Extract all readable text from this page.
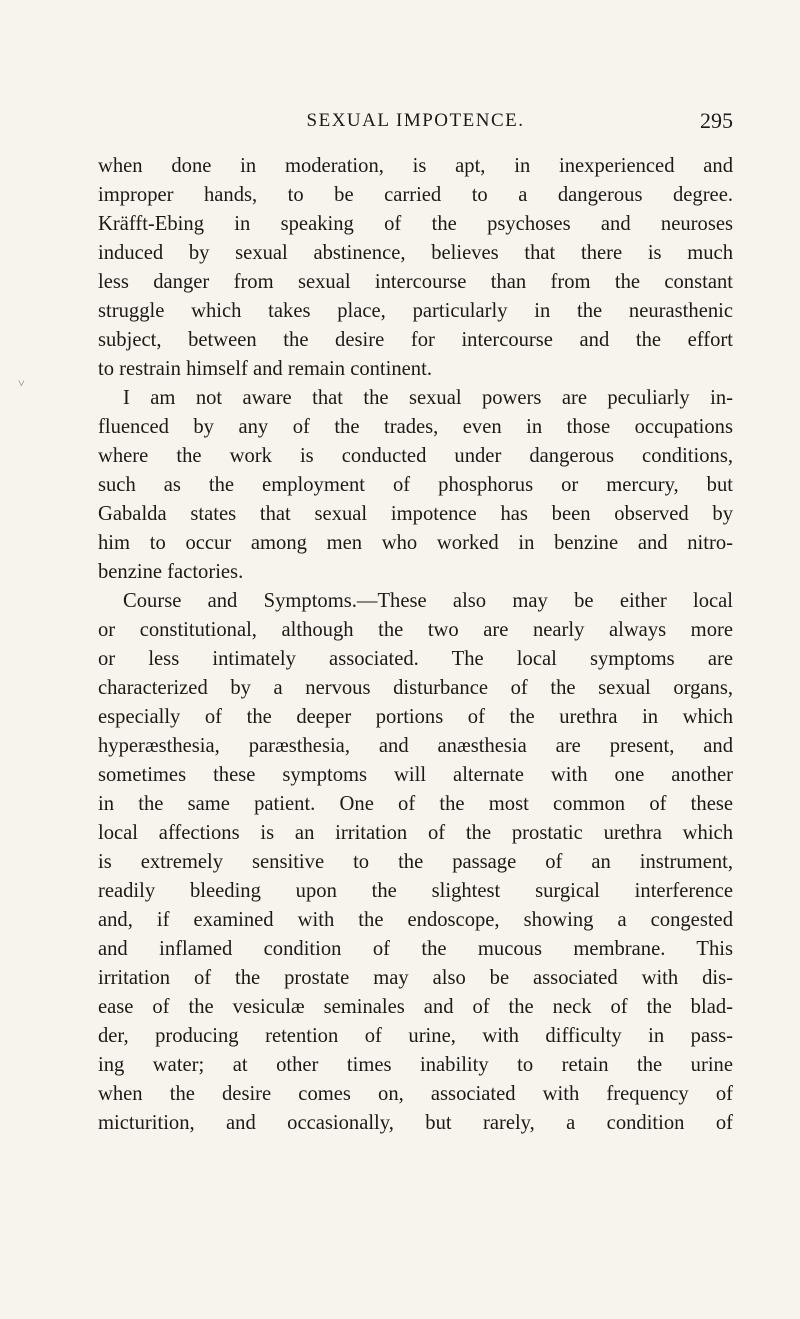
SEXUAL IMPOTENCE.	295
˅
when done in moderation, is apt, in inexperienced and
improper hands, to be carried to a dangerous degree.
Kräfft-Ebing in speaking of the psychoses and neuroses
induced by sexual abstinence, believes that there is much
less danger from sexual intercourse than from the constant
struggle which takes place, particularly in the neurasthenic
subject, between the desire for intercourse and the effort
to restrain himself and remain continent.
I am not aware that the sexual powers are peculiarly in-
fluenced by any of the trades, even in those occupations
where the work is conducted under dangerous conditions,
such as the employment of phosphorus or mercury, but
Gabalda states that sexual impotence has been observed by
him to occur among men who worked in benzine and nitro-
benzine factories.
Course and Symptoms.—These also may be either local
or constitutional, although the two are nearly always more
or less intimately associated. The local symptoms are
characterized by a nervous disturbance of the sexual organs,
especially of the deeper portions of the urethra in which
hyperæsthesia, paræsthesia, and anæsthesia are present, and
sometimes these symptoms will alternate with one another
in the same patient. One of the most common of these
local affections is an irritation of the prostatic urethra which
is extremely sensitive to the passage of an instrument,
readily bleeding upon the slightest surgical interference
and, if examined with the endoscope, showing a congested
and inflamed condition of the mucous membrane. This
irritation of the prostate may also be associated with dis-
ease of the vesiculæ seminales and of the neck of the blad-
der, producing retention of urine, with difficulty in pass-
ing water; at other times inability to retain the urine
when the desire comes on, associated with frequency of
micturition, and occasionally, but rarely, a condition of
